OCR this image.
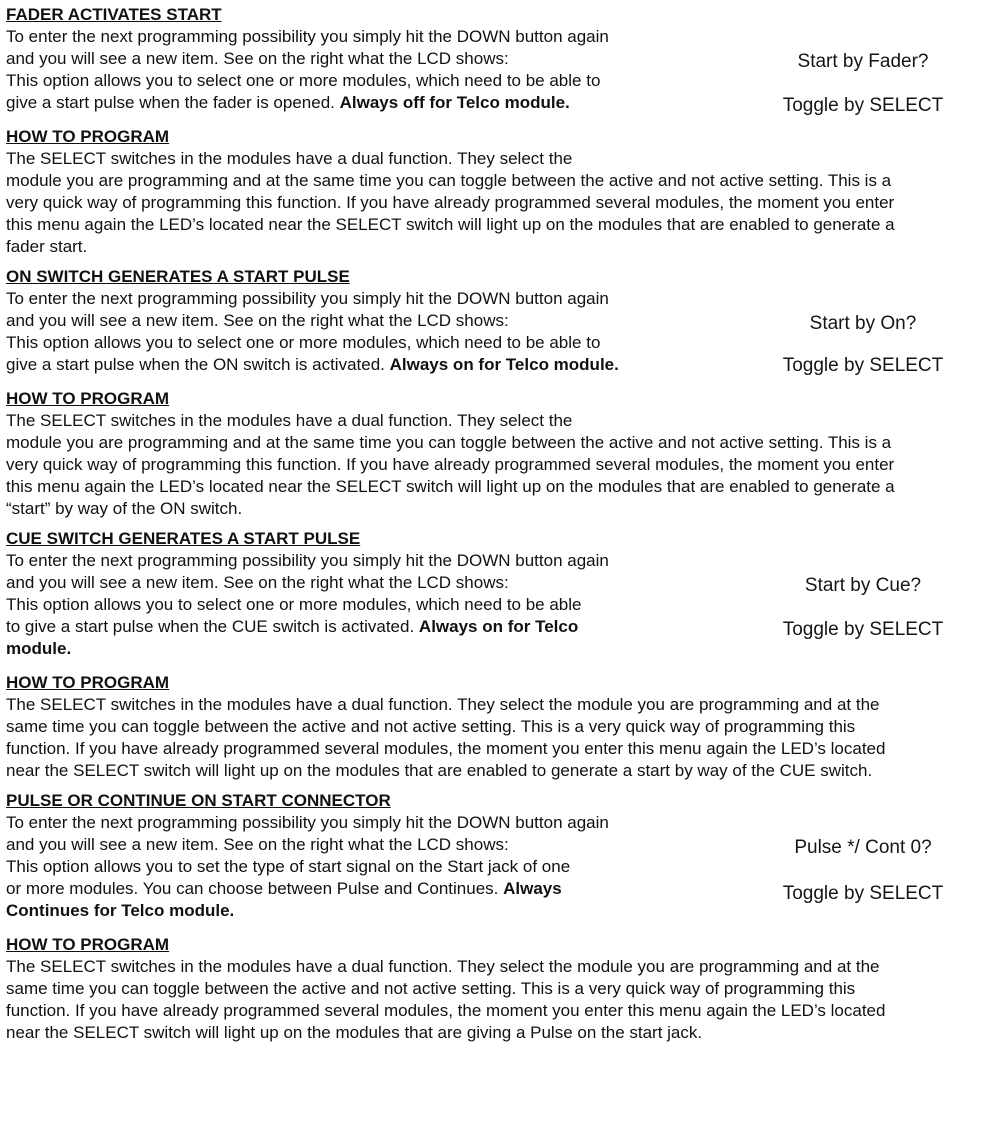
FADER ACTIVATES START
To enter the next programming possibility you simply hit the DOWN button again
and you will see a new item. See on the right what the LCD shows:
This option allows you to select one or more modules, which need to be able to
give a start pulse when the fader is opened. Always off for Telco module.
Start by Fader?
Toggle by SELECT
HOW TO PROGRAM
The SELECT switches in the modules have a dual function. They select the
module you are programming and at the same time you can toggle between the active and not active setting. This is a
very quick way of programming this function. If you have already programmed several modules, the moment you enter
this menu again the LED’s located near the SELECT switch will light up on the modules that are enabled to generate a
fader start.
ON SWITCH GENERATES A START PULSE
To enter the next programming possibility you simply hit the DOWN button again
and you will see a new item. See on the right what the LCD shows:
This option allows you to select one or more modules, which need to be able to
give a start pulse when the ON switch is activated. Always on for Telco module.
Start by On?
Toggle by SELECT
HOW TO PROGRAM
The SELECT switches in the modules have a dual function. They select the
module you are programming and at the same time you can toggle between the active and not active setting. This is a
very quick way of programming this function. If you have already programmed several modules, the moment you enter
this menu again the LED’s located near the SELECT switch will light up on the modules that are enabled to generate a
“start” by way of the ON switch.
CUE SWITCH GENERATES A START PULSE
To enter the next programming possibility you simply hit the DOWN button again
and you will see a new item. See on the right what the LCD shows:
This option allows you to select one or more modules, which need to be able
to give a start pulse when the CUE switch is activated. Always on for Telco
module.
Start by Cue?
Toggle by SELECT
HOW TO PROGRAM
The SELECT switches in the modules have a dual function. They select the module you are programming and at the
same time you can toggle between the active and not active setting. This is a very quick way of programming this
function. If you have already programmed several modules, the moment you enter this menu again the LED’s located
near the SELECT switch will light up on the modules that are enabled to generate a start by way of the CUE switch.
PULSE OR CONTINUE ON START CONNECTOR
To enter the next programming possibility you simply hit the DOWN button again
and you will see a new item. See on the right what the LCD shows:
This option allows you to set the type of start signal on the Start jack of one
or more modules. You can choose between Pulse and Continues. Always
Continues for Telco module.
Pulse */ Cont 0?
Toggle by SELECT
HOW TO PROGRAM
The SELECT switches in the modules have a dual function. They select the module you are programming and at the
same time you can toggle between the active and not active setting. This is a very quick way of programming this
function. If you have already programmed several modules, the moment you enter this menu again the LED’s located
near the SELECT switch will light up on the modules that are giving a Pulse on the start jack.
